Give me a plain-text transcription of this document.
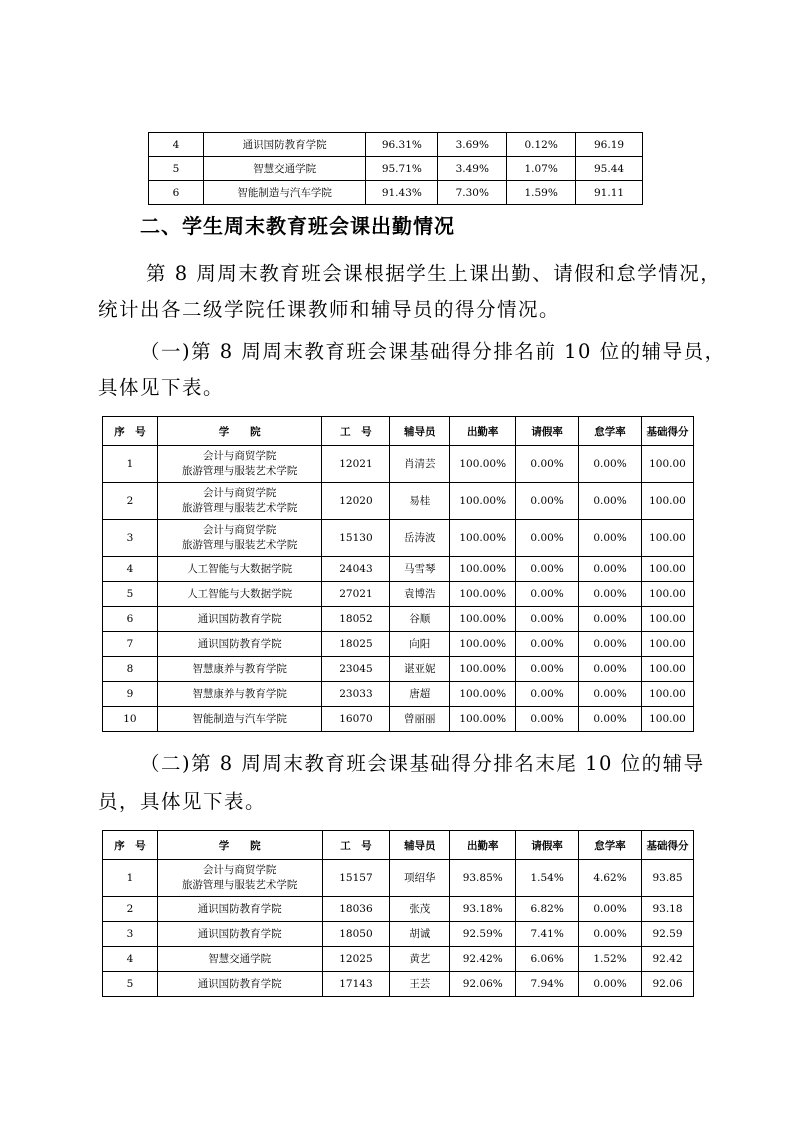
4	通识国防教育学院	96.31%	3.69%	0.12%	96.19
5	智慧交通学院	95.71%	3.49%	1.07%	95.44
6	智能制造与汽车学院	91.43%	7.30%	1.59%	91.11
二、学生周末教育班会课出勤情况
第 8 周周末教育班会课根据学生上课出勤、请假和怠学情况，
统计出各二级学院任课教师和辅导员的得分情况。
（一)第 8 周周末教育班会课基础得分排名前 10 位的辅导员，
具体见下表。
序　号	学　　院	工　号	辅导员	出勤率	请假率	怠学率	基础得分
1	会计与商贸学院
旅游管理与服装艺术学院	12021	肖清芸	100.00%	0.00%	0.00%	100.00
2	会计与商贸学院
旅游管理与服装艺术学院	12020	易桂	100.00%	0.00%	0.00%	100.00
3	会计与商贸学院
旅游管理与服装艺术学院	15130	岳涛波	100.00%	0.00%	0.00%	100.00
4	人工智能与大数据学院	24043	马雪琴	100.00%	0.00%	0.00%	100.00
5	人工智能与大数据学院	27021	袁博浩	100.00%	0.00%	0.00%	100.00
6	通识国防教育学院	18052	谷顺	100.00%	0.00%	0.00%	100.00
7	通识国防教育学院	18025	向阳	100.00%	0.00%	0.00%	100.00
8	智慧康养与教育学院	23045	谌亚妮	100.00%	0.00%	0.00%	100.00
9	智慧康养与教育学院	23033	唐超	100.00%	0.00%	0.00%	100.00
10	智能制造与汽车学院	16070	曾丽丽	100.00%	0.00%	0.00%	100.00
（二)第 8 周周末教育班会课基础得分排名末尾 10 位的辅导
员，具体见下表。
序　号	学　　院	工　号	辅导员	出勤率	请假率	怠学率	基础得分
1	会计与商贸学院
旅游管理与服装艺术学院	15157	项绍华	93.85%	1.54%	4.62%	93.85
2	通识国防教育学院	18036	张茂	93.18%	6.82%	0.00%	93.18
3	通识国防教育学院	18050	胡诚	92.59%	7.41%	0.00%	92.59
4	智慧交通学院	12025	黄艺	92.42%	6.06%	1.52%	92.42
5	通识国防教育学院	17143	王芸	92.06%	7.94%	0.00%	92.06
